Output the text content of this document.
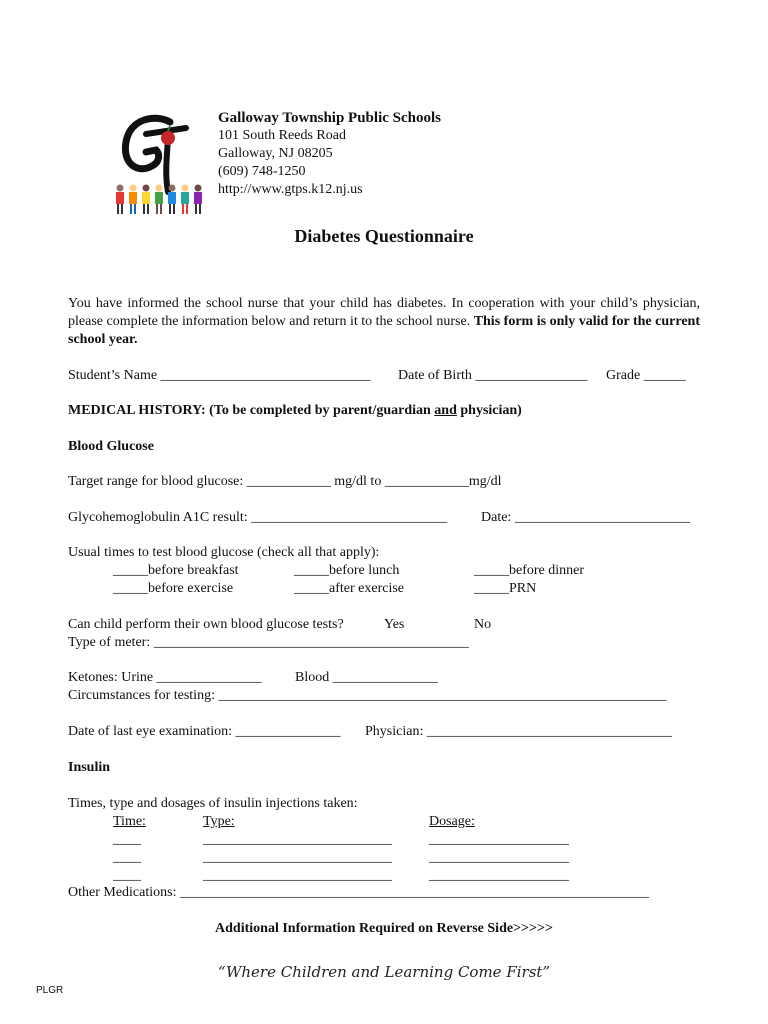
Galloway Township Public Schools
101 South Reeds Road
Galloway, NJ 08205
(609) 748-1250
http://www.gtps.k12.nj.us
Diabetes Questionnaire

You have informed the school nurse that your child has diabetes. In cooperation with your child’s physician, please complete the information below and return it to the school nurse. This form is only valid for the current school year.

Student’s Name ______________________________ Date of Birth ________________ Grade ______
MEDICAL HISTORY: (To be completed by parent/guardian and physician)
Blood Glucose
Target range for blood glucose: ____________ mg/dl to ____________mg/dl
Glycohemoglobulin A1C result: ____________________________ Date: _________________________
Usual times to test blood glucose (check all that apply):
_____before breakfast	_____before lunch	_____before dinner
_____before exercise	_____after exercise	_____PRN
Can child perform their own blood glucose tests?	Yes	No
Type of meter: _____________________________________________
Ketones: Urine _______________ Blood _______________
Circumstances for testing: ________________________________________________________________
Date of last eye examination: _______________ Physician: ___________________________________
Insulin
Times, type and dosages of insulin injections taken:
Time:	Type:	Dosage:
____	___________________________	____________________
____	___________________________	____________________
____	___________________________	____________________
Other Medications: ___________________________________________________________________
Additional Information Required on Reverse Side>>>>>
“Where Children and Learning Come First”
PLGR
